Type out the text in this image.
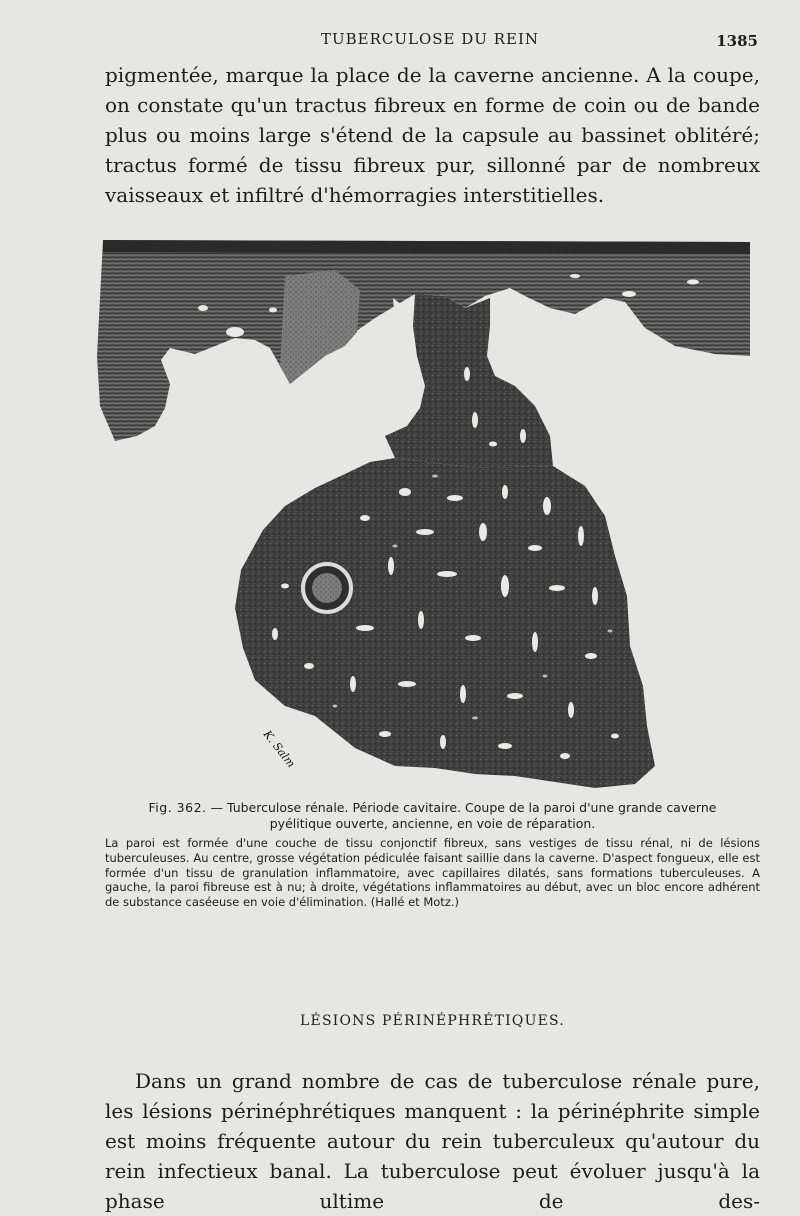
TUBERCULOSE DU REIN	1385

pigmentée, marque la place de la caverne ancienne. A la coupe, on constate qu'un tractus fibreux en forme de coin ou de bande plus ou moins large s'étend de la capsule au bassinet oblitéré; tractus formé de tissu fibreux pur, sillonné par de nombreux vaisseaux et infiltré d'hémorragies interstitielles.

K. Salm
Fig. 362. — Tuberculose rénale. Période cavitaire. Coupe de la paroi d'une grande caverne pyélitique ouverte, ancienne, en voie de réparation.
La paroi est formée d'une couche de tissu conjonctif fibreux, sans vestiges de tissu rénal, ni de lésions tuberculeuses. Au centre, grosse végétation pédiculée faisant saillie dans la caverne. D'aspect fongueux, elle est formée d'un tissu de granulation inflammatoire, avec capillaires dilatés, sans formations tuberculeuses. A gauche, la paroi fibreuse est à nu; à droite, végétations inflammatoires au début, avec un bloc encore adhérent de substance caséeuse en voie d'élimination. (Hallé et Motz.)
LÉSIONS PÉRINÉPHRÉTIQUES.

Dans un grand nombre de cas de tuberculose rénale pure, les lésions périnéphrétiques manquent : la périnéphrite simple est moins fréquente autour du rein tuberculeux qu'autour du rein infectieux banal. La tuberculose peut évoluer jusqu'à la phase ultime de des-
